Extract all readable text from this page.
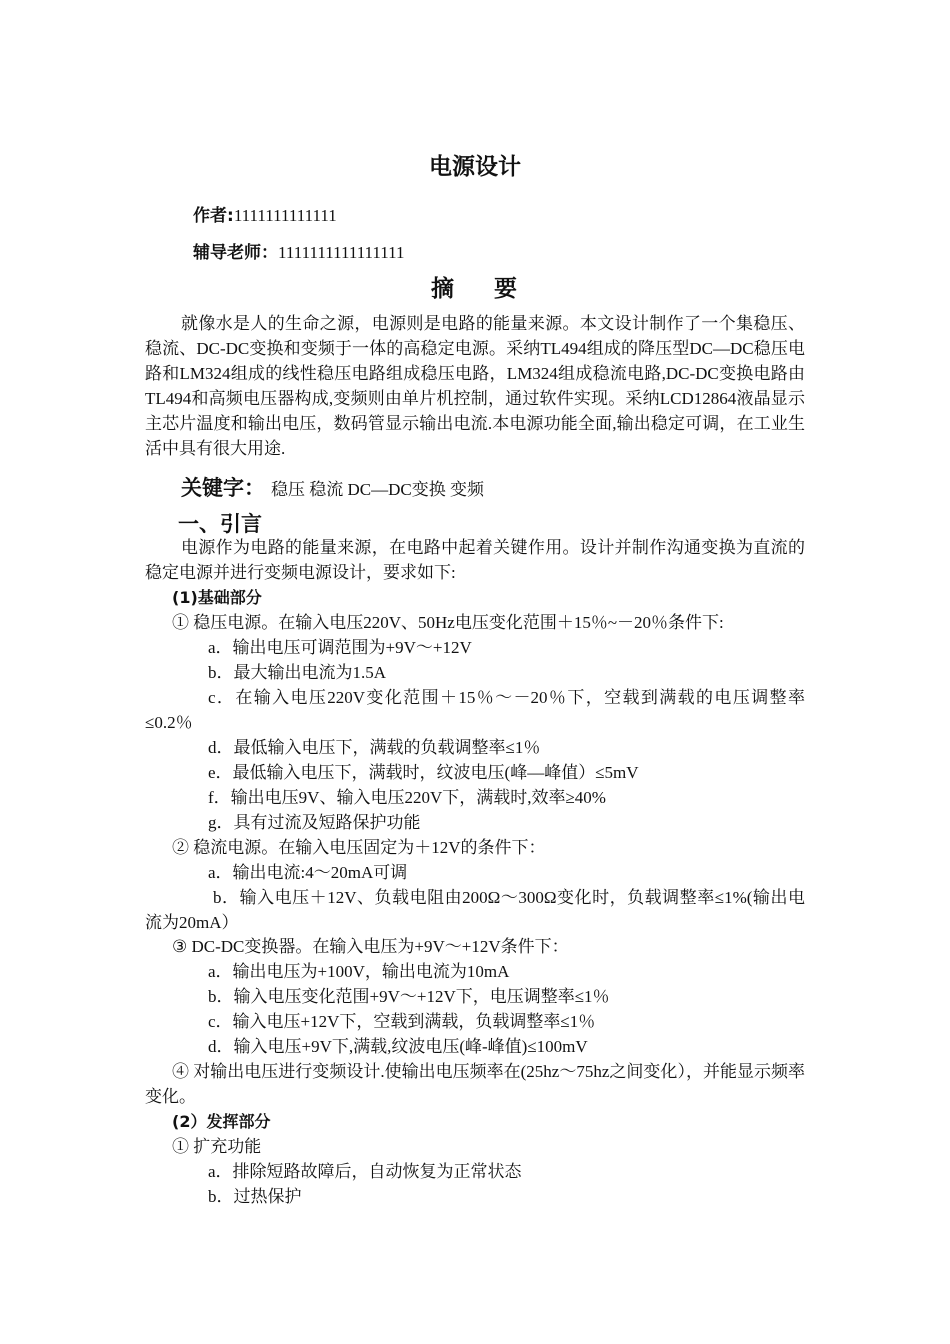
电源设计
作者:1111111111111
辅导老师：1111111111111111
摘 要
就像水是人的生命之源，电源则是电路的能量来源。本文设计制作了一个集稳压、稳流、DC-DC变换和变频于一体的高稳定电源。采纳TL494组成的降压型DC—DC稳压电路和LM324组成的线性稳压电路组成稳压电路，LM324组成稳流电路,DC-DC变换电路由TL494和高频电压器构成,变频则由单片机控制，通过软件实现。采纳LCD12864液晶显示主芯片温度和输出电压，数码管显示输出电流.本电源功能全面,输出稳定可调，在工业生活中具有很大用途.
关键字： 稳压 稳流 DC—DC变换 变频
一、引言
电源作为电路的能量来源，在电路中起着关键作用。设计并制作沟通变换为直流的稳定电源并进行变频电源设计，要求如下:
(1)基础部分
① 稳压电源。在输入电压220V、50Hz电压变化范围＋15％~－20％条件下:
a．输出电压可调范围为+9V～+12V
b．最大输出电流为1.5A
c．在输入电压220V变化范围＋15％～－20％下，空载到满载的电压调整率≤0.2％
d．最低输入电压下，满载的负载调整率≤1％
e．最低输入电压下，满载时，纹波电压(峰—峰值）≤5mV
f．输出电压9V、输入电压220V下，满载时,效率≥40%
g．具有过流及短路保护功能
② 稳流电源。在输入电压固定为＋12V的条件下：
a．输出电流:4～20mA可调
b．输入电压＋12V、负载电阻由200Ω～300Ω变化时，负载调整率≤1%(输出电流为20mA）
③ DC-DC变换器。在输入电压为+9V～+12V条件下：
a．输出电压为+100V，输出电流为10mA
b．输入电压变化范围+9V～+12V下，电压调整率≤1％
c．输入电压+12V下，空载到满载，负载调整率≤1％
d．输入电压+9V下,满载,纹波电压(峰-峰值)≤100mV
④ 对输出电压进行变频设计.使输出电压频率在(25hz～75hz之间变化），并能显示频率变化。
(2）发挥部分
① 扩充功能
a．排除短路故障后，自动恢复为正常状态
b．过热保护
